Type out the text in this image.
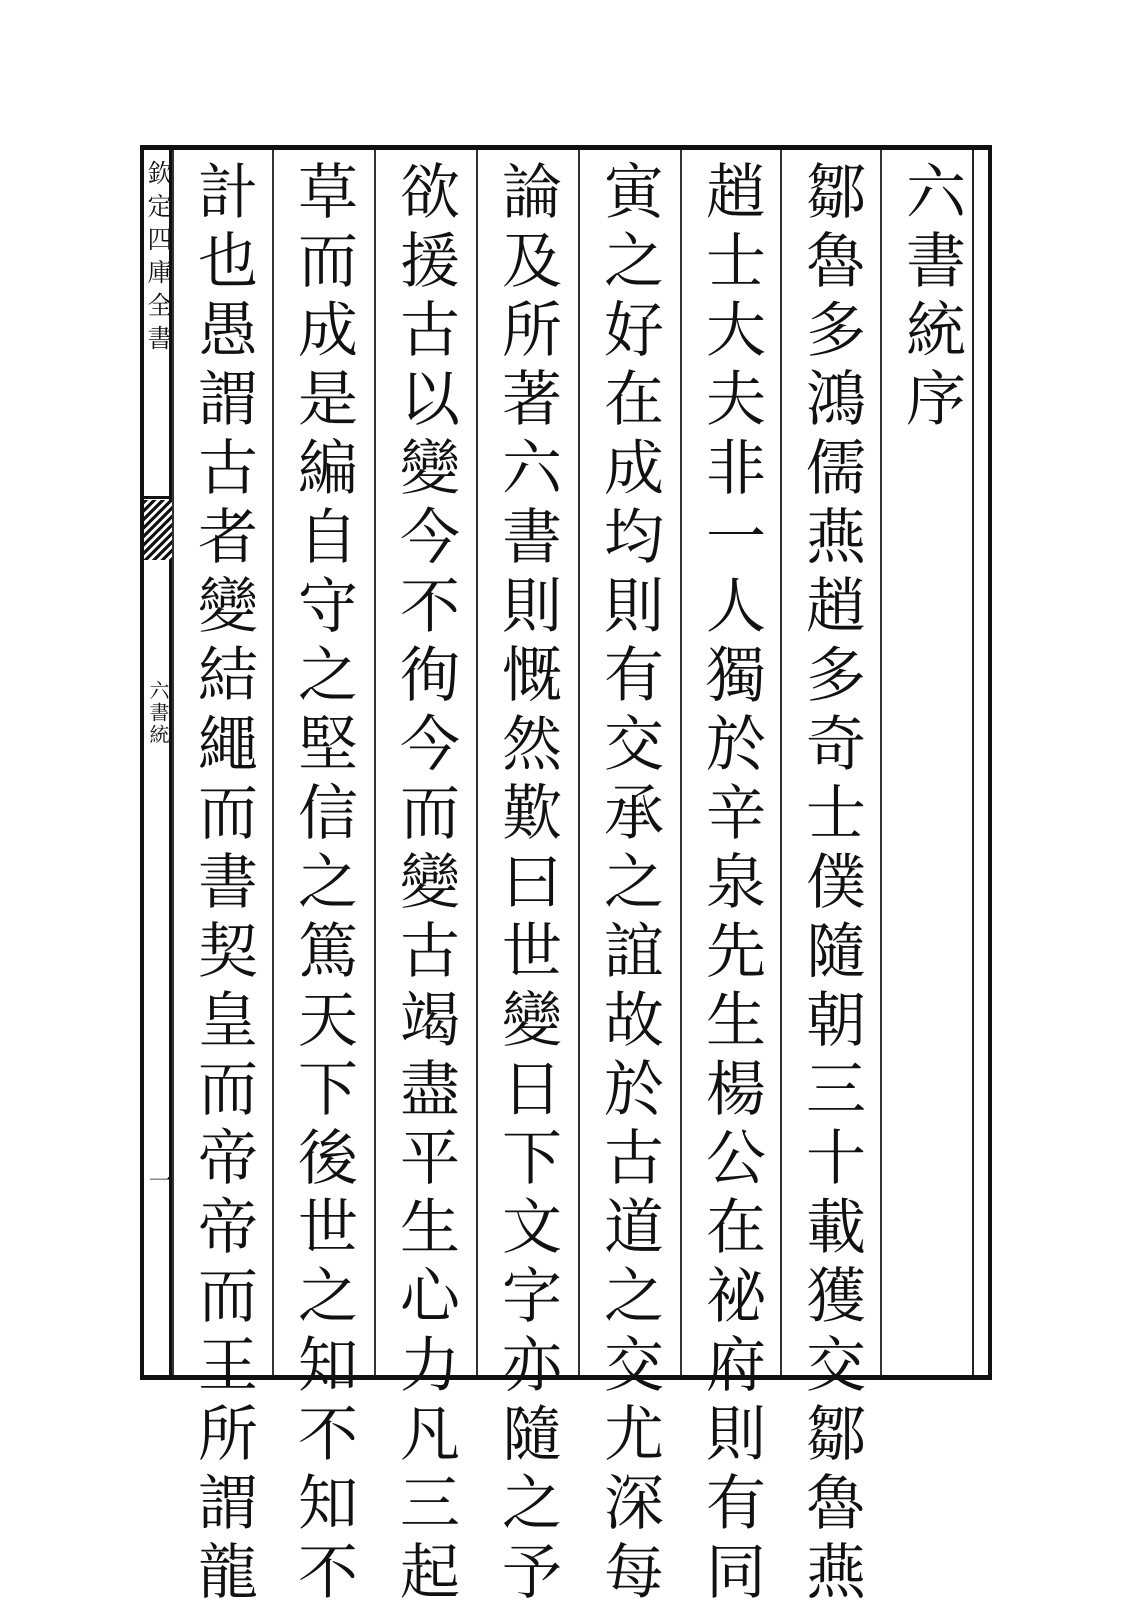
欽定四庫全書
六書統
一
六書統序
鄒魯多鴻儒燕趙多奇士僕隨朝三十載獲交鄒魯燕
趙士大夫非一人獨於辛泉先生楊公在祕府則有同
寅之好在成均則有交承之誼故於古道之交尤深每
論及所著六書則慨然歎曰世變日下文字亦隨之予
欲援古以變今不徇今而變古竭盡平生心力凡三起
草而成是編自守之堅信之篤天下後世之知不知不
計也愚謂古者變結繩而書契皇而帝帝而王所謂龍
